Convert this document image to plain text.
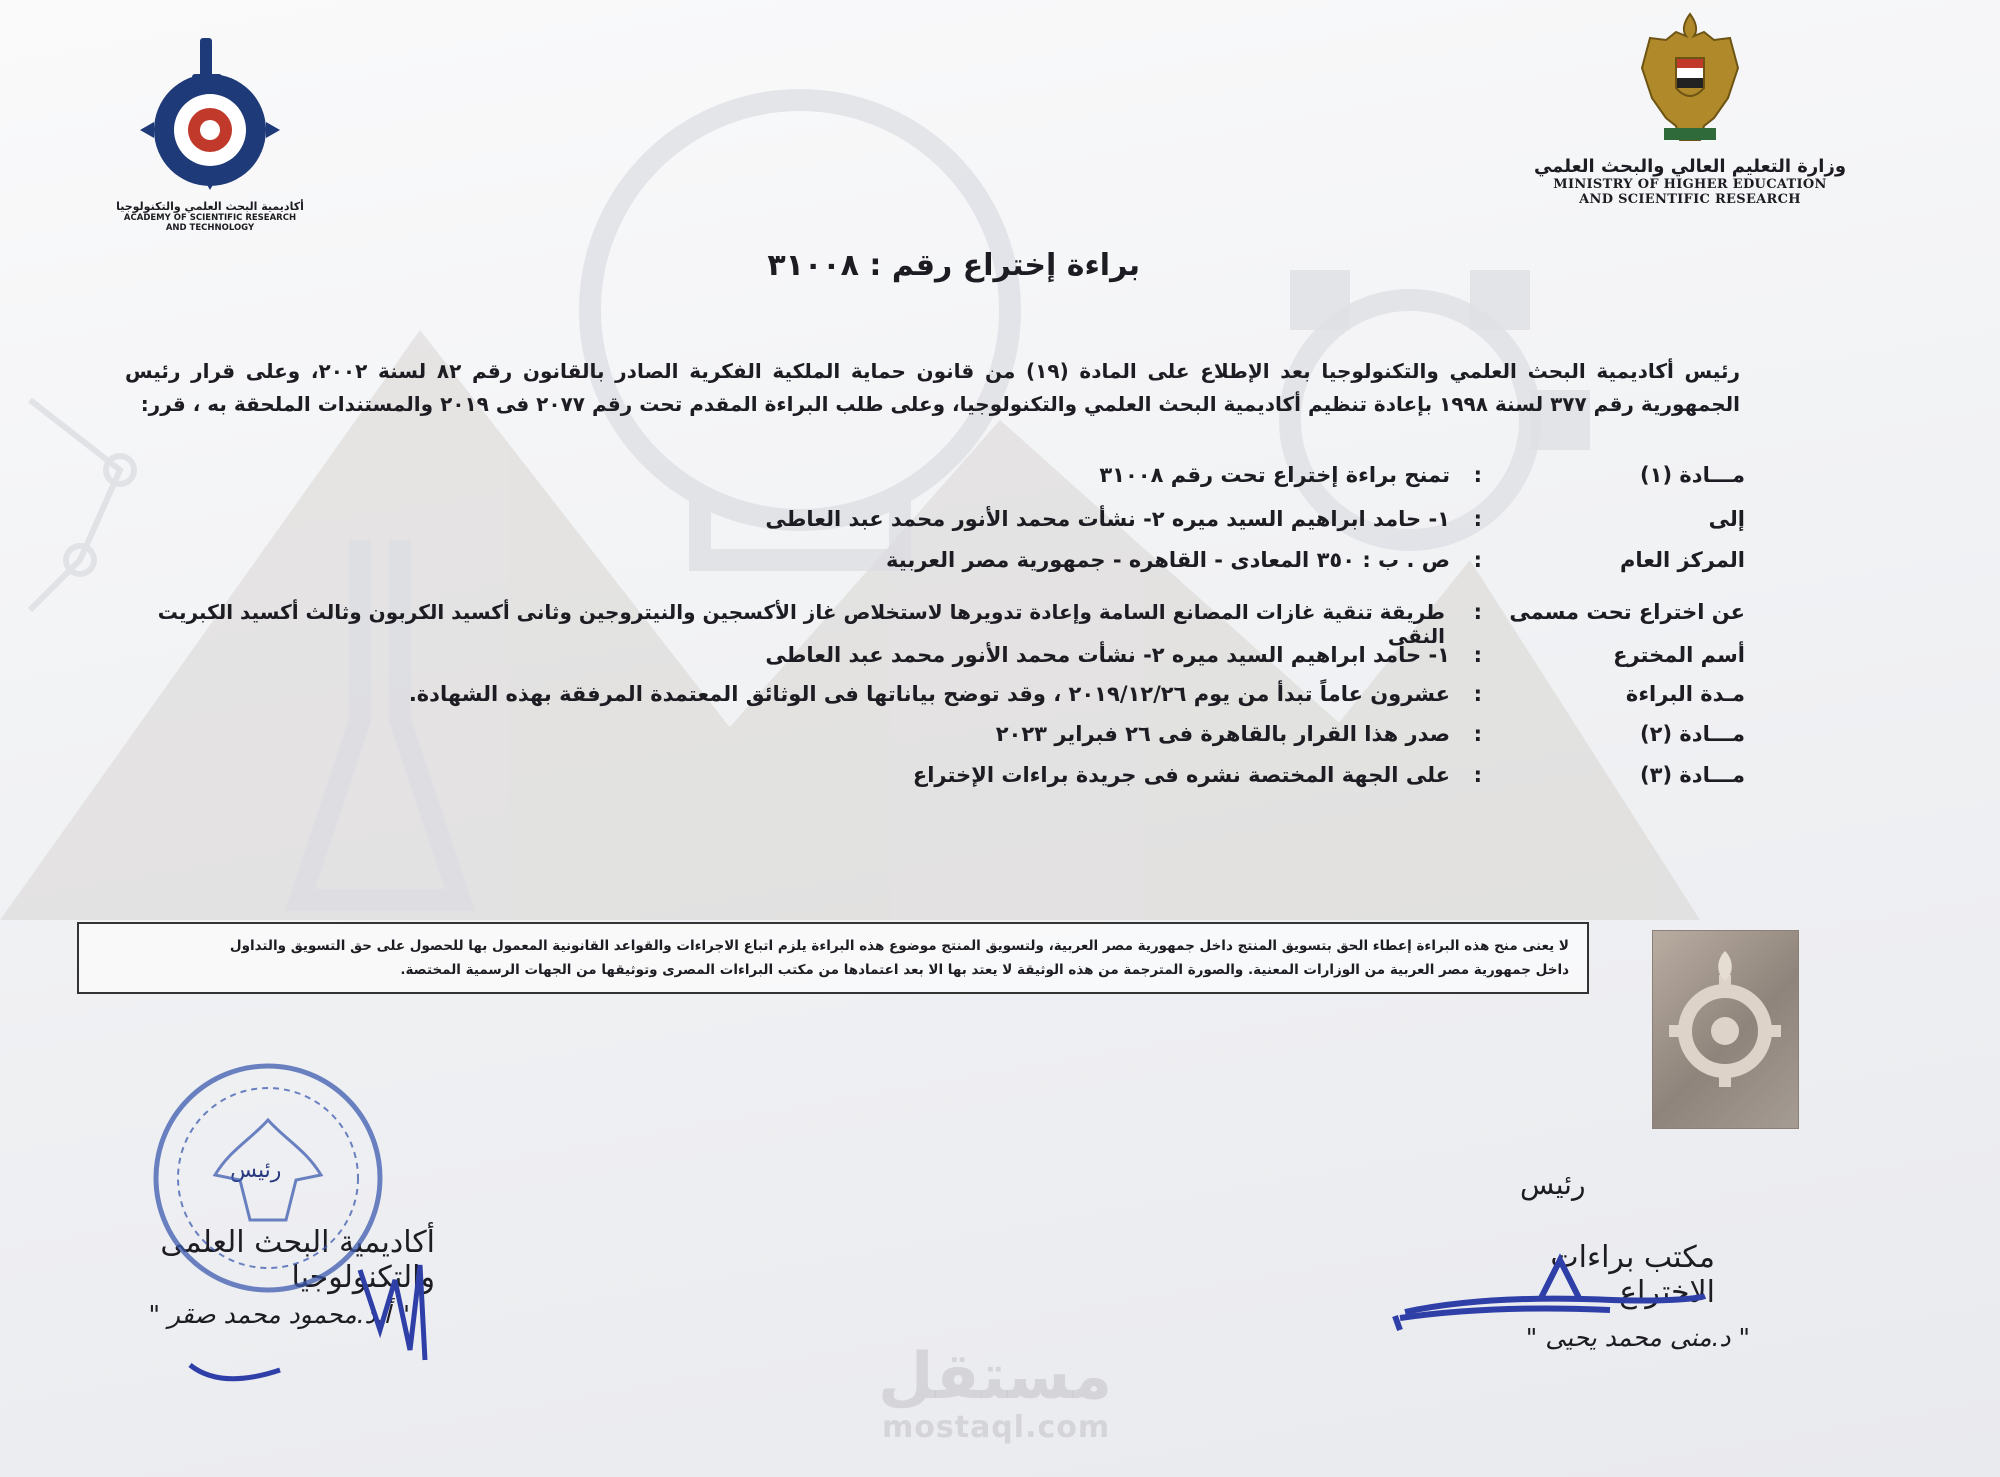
وزارة التعليم العالي والبحث العلمي
MINISTRY OF HIGHER EDUCATION
AND SCIENTIFIC RESEARCH
أكاديمية البحث العلمي والتكنولوجيا
ACADEMY OF SCIENTIFIC RESEARCH
AND TECHNOLOGY
براءة إختراع رقم : ٣١٠٠٨
رئيس أكاديمية البحث العلمي والتكنولوجيا بعد الإطلاع على المادة (١٩) من قانون حماية الملكية الفكرية الصادر بالقانون رقم ٨٢ لسنة ٢٠٠٢، وعلى قرار رئيس الجمهورية رقم ٣٧٧ لسنة ١٩٩٨ بإعادة تنظيم أكاديمية البحث العلمي والتكنولوجيا، وعلى طلب البراءة المقدم تحت رقم ٢٠٧٧ فى ٢٠١٩ والمستندات الملحقة به ، قرر:
مـــادة (١)
:
تمنح براءة إختراع تحت رقم ٣١٠٠٨
إلى
:
١- حامد ابراهيم السيد ميره ٢- نشأت محمد الأنور محمد عبد العاطى
المركز العام
:
ص . ب : ٣٥٠ المعادى - القاهره - جمهورية مصر العربية
عن اختراع تحت مسمى
:
طريقة تنقية غازات المصانع السامة وإعادة تدويرها لاستخلاص غاز الأكسجين والنيتروجين وثانى أكسيد الكربون وثالث أكسيد الكبريت النقى
أسم المخترع
:
١- حامد ابراهيم السيد ميره ٢- نشأت محمد الأنور محمد عبد العاطى
مـدة البراءة
:
عشرون عاماً تبدأ من يوم ٢٠١٩/١٢/٢٦ ، وقد توضح بياناتها فى الوثائق المعتمدة المرفقة بهذه الشهادة.
مـــادة (٢)
:
صدر هذا القرار بالقاهرة فى ٢٦ فبراير ٢٠٢٣
مـــادة (٣)
:
على الجهة المختصة نشره فى جريدة براءات الإختراع
لا يعنى منح هذه البراءة إعطاء الحق بتسويق المنتج داخل جمهورية مصر العربية، ولتسويق المنتج موضوع هذه البراءة يلزم اتباع الاجراءات والقواعد القانونية المعمول بها للحصول على حق التسويق والتداول
داخل جمهورية مصر العربية من الوزارات المعنية. والصورة المترجمة من هذه الوثيقة لا يعتد بها الا بعد اعتمادها من مكتب البراءات المصرى وتوثيقها من الجهات الرسمية المختصة.
رئيس
مكتب براءات الاختراع
" د.منى محمد يحيى "
رئيس
أكاديمية البحث العلمى والتكنولوجيا
" أ.د.محمود محمد صقر "
مستقل
mostaql.com
